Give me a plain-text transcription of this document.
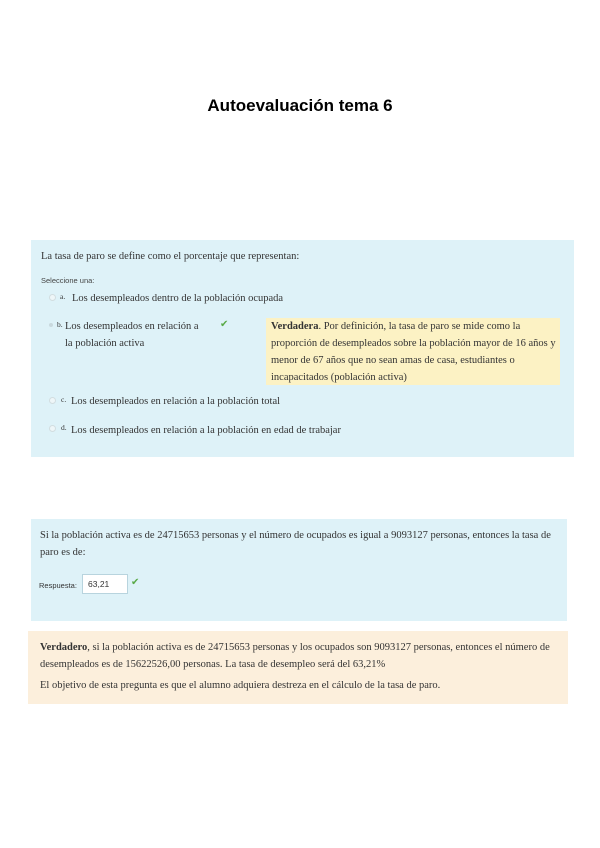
Autoevaluación tema 6
La tasa de paro se define como el porcentaje que representan:
Seleccione una:
a. Los desempleados dentro de la población ocupada
b. Los desempleados en relación a
la población activa
✔	Verdadera. Por definición, la tasa de paro se mide como la
proporción de desempleados sobre la población mayor de 16 años y
menor de 67 años que no sean amas de casa, estudiantes o
incapacitados (población activa)
c. Los desempleados en relación a la población total
d. Los desempleados en relación a la población en edad de trabajar
Si la población activa es de 24715653 personas y el número de ocupados es igual a 9093127 personas, entonces la tasa de paro es de:
Respuesta:	63,21	✔
Verdadero, si la población activa es de 24715653 personas y los ocupados son 9093127 personas, entonces el número de desempleados es de 15622526,00 personas. La tasa de desempleo será del 63,21%
El objetivo de esta pregunta es que el alumno adquiera destreza en el cálculo de la tasa de paro.
